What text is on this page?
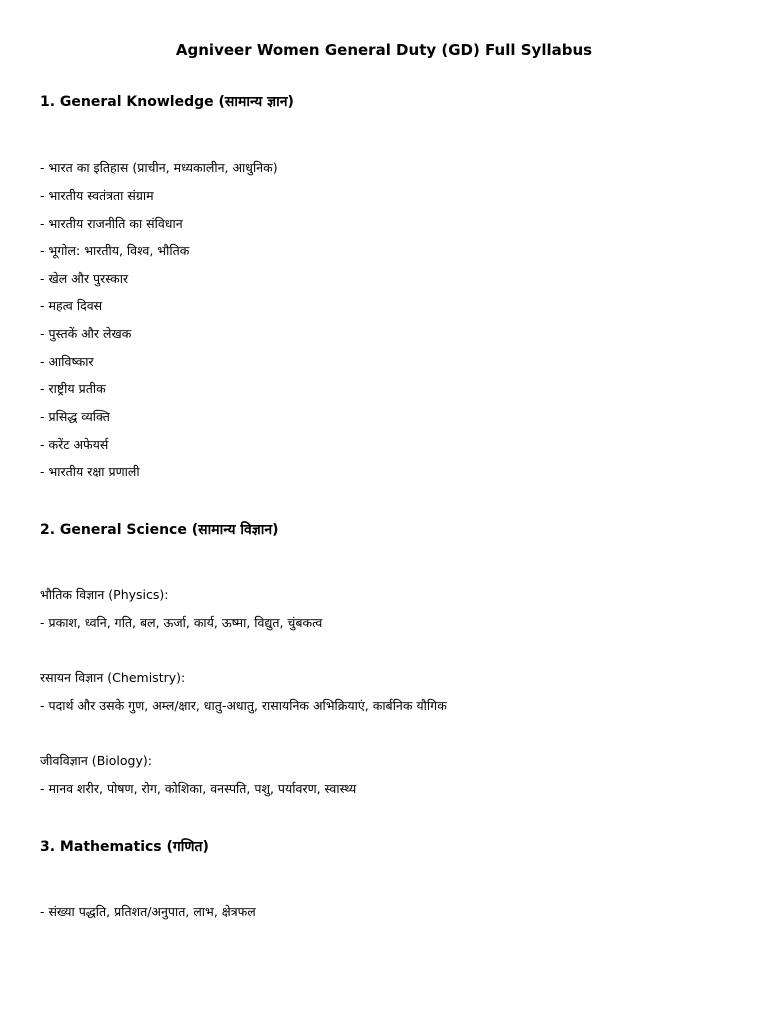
Agniveer Women General Duty (GD) Full Syllabus
1. General Knowledge (सामान्य ज्ञान)
- भारत का इतिहास (प्राचीन, मध्यकालीन, आधुनिक)
- भारतीय स्वतंत्रता संग्राम
- भारतीय राजनीति का संविधान
- भूगोल: भारतीय, विश्व, भौतिक
- खेल और पुरस्कार
- महत्व दिवस
- पुस्तकें और लेखक
- आविष्कार
- राष्ट्रीय प्रतीक
- प्रसिद्ध व्यक्ति
- करेंट अफेयर्स
- भारतीय रक्षा प्रणाली
2. General Science (सामान्य विज्ञान)
भौतिक विज्ञान (Physics):
- प्रकाश, ध्वनि, गति, बल, ऊर्जा, कार्य, ऊष्मा, विद्युत, चुंबकत्व
रसायन विज्ञान (Chemistry):
- पदार्थ और उसके गुण, अम्ल/क्षार, धातु-अधातु, रासायनिक अभिक्रियाएं, कार्बनिक यौगिक
जीवविज्ञान (Biology):
- मानव शरीर, पोषण, रोग, कोशिका, वनस्पति, पशु, पर्यावरण, स्वास्थ्य
3. Mathematics (गणित)
- संख्या पद्धति, प्रतिशत/अनुपात, लाभ, क्षेत्रफल
